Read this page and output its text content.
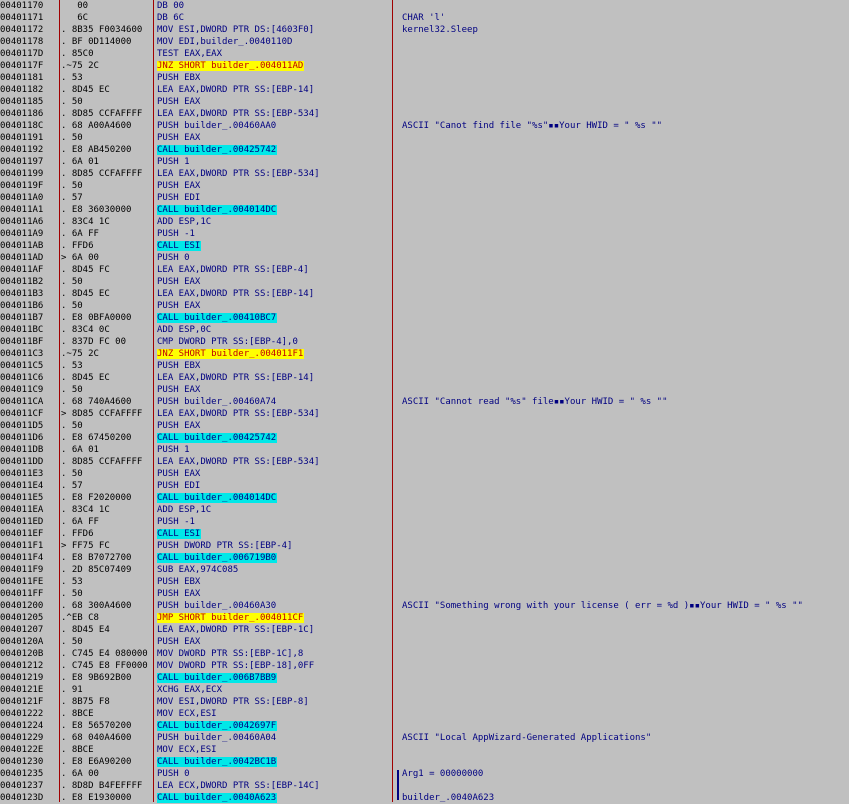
00401170	00	DB 00
00401171	6C	DB 6C	CHAR 'l'
00401172	. 8B35 F0034600	MOV ESI,DWORD PTR DS:[4603F0]	kernel32.Sleep
00401178	. BF 0D114000	MOV EDI,builder_.0040110D
0040117D	. 85C0	TEST EAX,EAX
0040117F	.~75 2C	JNZ SHORT builder_.004011AD
00401181	. 53	PUSH EBX
00401182	. 8D45 EC	LEA EAX,DWORD PTR SS:[EBP-14]
00401185	. 50	PUSH EAX
00401186	. 8D85 CCFAFFFF	LEA EAX,DWORD PTR SS:[EBP-534]
0040118C	. 68 A00A4600	PUSH builder_.00460AA0	ASCII "Canot find file "%s"▪▪Your HWID = " %s ""
00401191	. 50	PUSH EAX
00401192	. E8 AB450200	CALL builder_.00425742
00401197	. 6A 01	PUSH 1
00401199	. 8D85 CCFAFFFF	LEA EAX,DWORD PTR SS:[EBP-534]
0040119F	. 50	PUSH EAX
004011A0	. 57	PUSH EDI
004011A1	. E8 36030000	CALL builder_.004014DC
004011A6	. 83C4 1C	ADD ESP,1C
004011A9	. 6A FF	PUSH -1
004011AB	. FFD6	CALL ESI
004011AD	> 6A 00	PUSH 0
004011AF	. 8D45 FC	LEA EAX,DWORD PTR SS:[EBP-4]
004011B2	. 50	PUSH EAX
004011B3	. 8D45 EC	LEA EAX,DWORD PTR SS:[EBP-14]
004011B6	. 50	PUSH EAX
004011B7	. E8 0BFA0000	CALL builder_.00410BC7
004011BC	. 83C4 0C	ADD ESP,0C
004011BF	. 837D FC 00	CMP DWORD PTR SS:[EBP-4],0
004011C3	.~75 2C	JNZ SHORT builder_.004011F1
004011C5	. 53	PUSH EBX
004011C6	. 8D45 EC	LEA EAX,DWORD PTR SS:[EBP-14]
004011C9	. 50	PUSH EAX
004011CA	. 68 740A4600	PUSH builder_.00460A74	ASCII "Cannot read "%s" file▪▪Your HWID = " %s ""
004011CF	> 8D85 CCFAFFFF	LEA EAX,DWORD PTR SS:[EBP-534]
004011D5	. 50	PUSH EAX
004011D6	. E8 67450200	CALL builder_.00425742
004011DB	. 6A 01	PUSH 1
004011DD	. 8D85 CCFAFFFF	LEA EAX,DWORD PTR SS:[EBP-534]
004011E3	. 50	PUSH EAX
004011E4	. 57	PUSH EDI
004011E5	. E8 F2020000	CALL builder_.004014DC
004011EA	. 83C4 1C	ADD ESP,1C
004011ED	. 6A FF	PUSH -1
004011EF	. FFD6	CALL ESI
004011F1	> FF75 FC	PUSH DWORD PTR SS:[EBP-4]
004011F4	. E8 B7072700	CALL builder_.006719B0
004011F9	. 2D 85C07409	SUB EAX,974C085
004011FE	. 53	PUSH EBX
004011FF	. 50	PUSH EAX
00401200	. 68 300A4600	PUSH builder_.00460A30	ASCII "Something wrong with your license ( err = %d )▪▪Your HWID = " %s ""
00401205	.^EB C8	JMP SHORT builder_.004011CF
00401207	. 8D45 E4	LEA EAX,DWORD PTR SS:[EBP-1C]
0040120A	. 50	PUSH EAX
0040120B	. C745 E4 080000	MOV DWORD PTR SS:[EBP-1C],8
00401212	. C745 E8 FF0000	MOV DWORD PTR SS:[EBP-18],0FF
00401219	. E8 9B692B00	CALL builder_.006B7BB9
0040121E	. 91	XCHG EAX,ECX
0040121F	. 8B75 F8	MOV ESI,DWORD PTR SS:[EBP-8]
00401222	. 8BCE	MOV ECX,ESI
00401224	. E8 56570200	CALL builder_.0042697F
00401229	. 68 040A4600	PUSH builder_.00460A04	ASCII "Local AppWizard-Generated Applications"
0040122E	. 8BCE	MOV ECX,ESI
00401230	. E8 E6A90200	CALL builder_.0042BC1B
00401235	. 6A 00	PUSH 0	Arg1 = 00000000
00401237	. 8D8D B4FEFFFF	LEA ECX,DWORD PTR SS:[EBP-14C]
0040123D	. E8 E1930000	CALL builder_.0040A623	builder_.0040A623
